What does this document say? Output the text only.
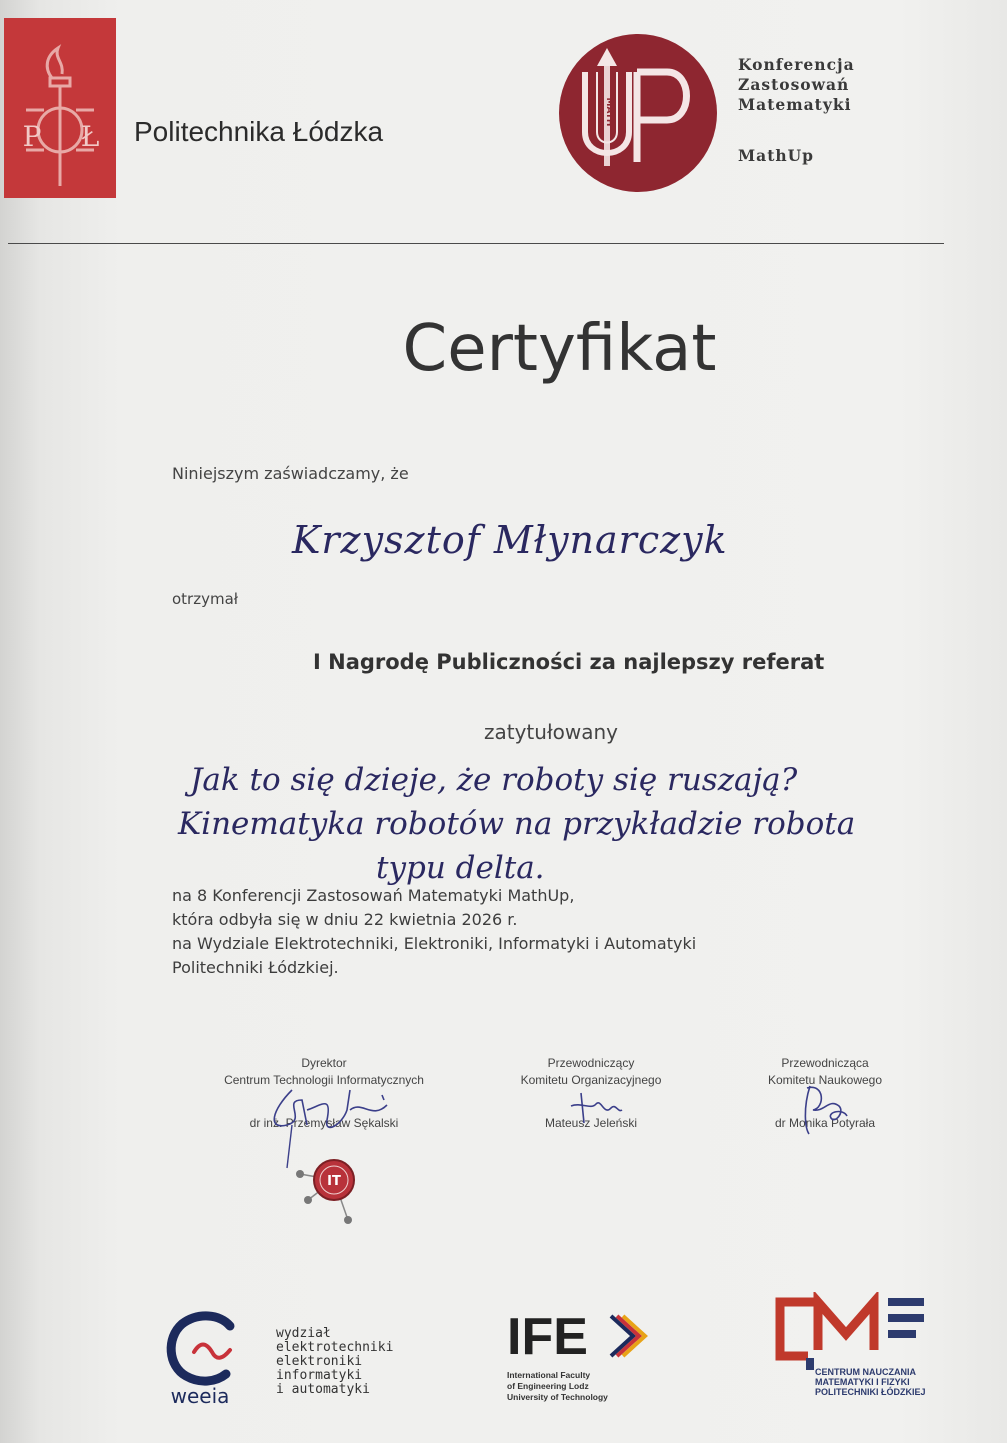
P Ł Politechnika Łódzka
MATH
Konferencja
Zastosowań
Matematyki
MathUp
Certyfikat
Niniejszym zaświadczamy, że
Krzysztof Młynarczyk
otrzymał
I Nagrodę Publiczności za najlepszy referat
zatytułowany
Jak to się dzieje, że roboty się ruszają?
Kinematyka robotów na przykładzie robota
typu delta.
na 8 Konferencji Zastosowań Matematyki MathUp,
która odbyła się w dniu 22 kwietnia 2026 r.
na Wydziale Elektrotechniki, Elektroniki, Informatyki i Automatyki
Politechniki Łódzkiej.
Dyrektor
Centrum Technologii Informatycznych
dr inż. Przemysław Sękalski
Przewodniczący
Komitetu Organizacyjnego
Mateusz Jeleński
Przewodnicząca
Komitetu Naukowego
dr Monika Potyrała
IT
weeia
wydział
elektrotechniki
elektroniki
informatyki
i automatyki
IFE
International Faculty
of Engineering Lodz
University of Technology
CENTRUM NAUCZANIA
MATEMATYKI I FIZYKI
POLITECHNIKI ŁÓDZKIEJ
